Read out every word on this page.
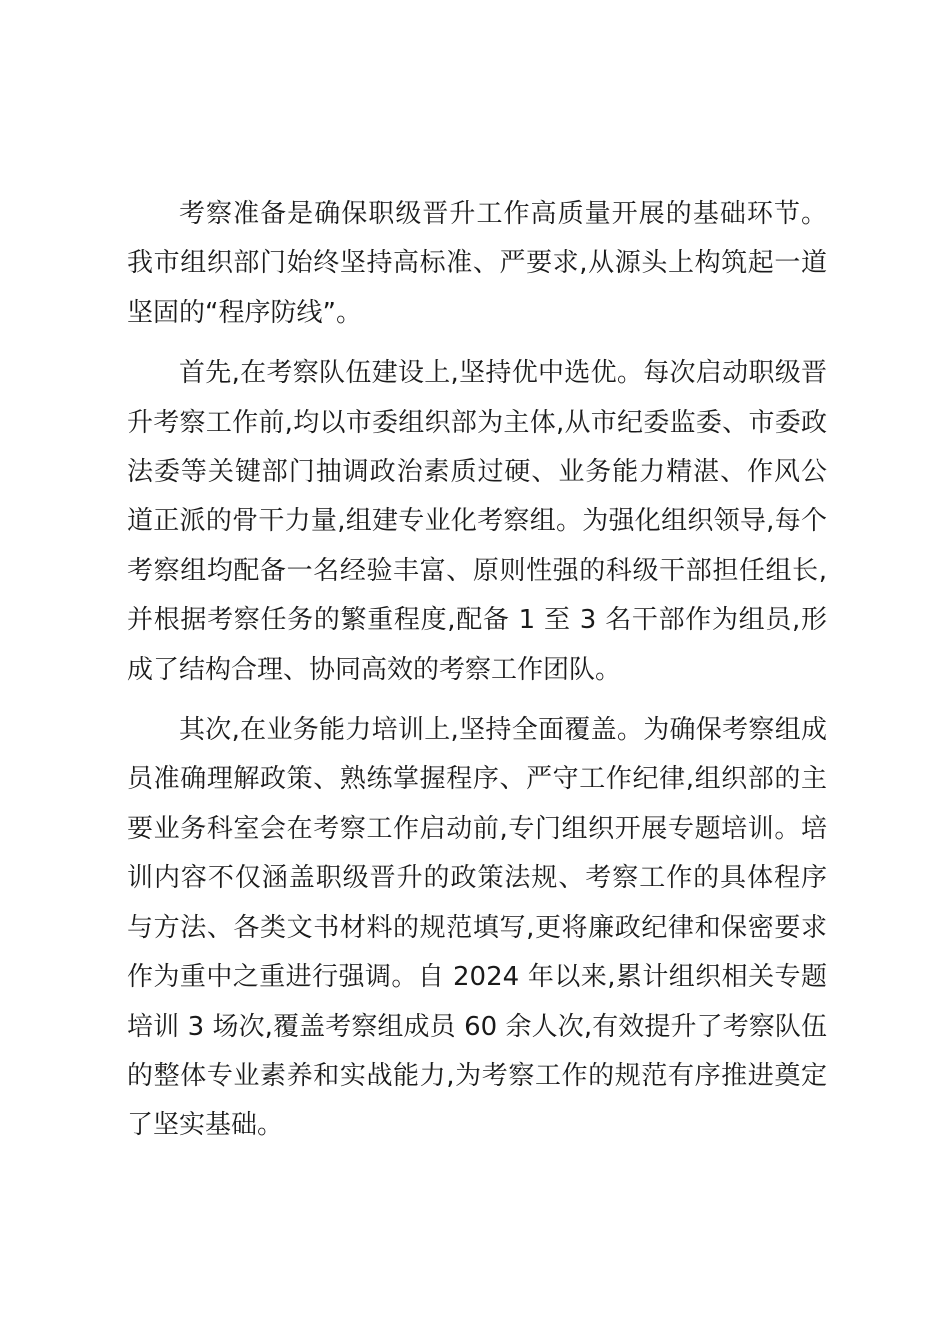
考察准备是确保职级晋升工作高质量开展的基础环节。我市组织部门始终坚持高标准、严要求,从源头上构筑起一道坚固的“程序防线”。

首先,在考察队伍建设上,坚持优中选优。每次启动职级晋升考察工作前,均以市委组织部为主体,从市纪委监委、市委政法委等关键部门抽调政治素质过硬、业务能力精湛、作风公道正派的骨干力量,组建专业化考察组。为强化组织领导,每个考察组均配备一名经验丰富、原则性强的科级干部担任组长,并根据考察任务的繁重程度,配备 1 至 3 名干部作为组员,形成了结构合理、协同高效的考察工作团队。

其次,在业务能力培训上,坚持全面覆盖。为确保考察组成员准确理解政策、熟练掌握程序、严守工作纪律,组织部的主要业务科室会在考察工作启动前,专门组织开展专题培训。培训内容不仅涵盖职级晋升的政策法规、考察工作的具体程序与方法、各类文书材料的规范填写,更将廉政纪律和保密要求作为重中之重进行强调。自 2024 年以来,累计组织相关专题培训 3 场次,覆盖考察组成员 60 余人次,有效提升了考察队伍的整体专业素养和实战能力,为考察工作的规范有序推进奠定了坚实基础。
